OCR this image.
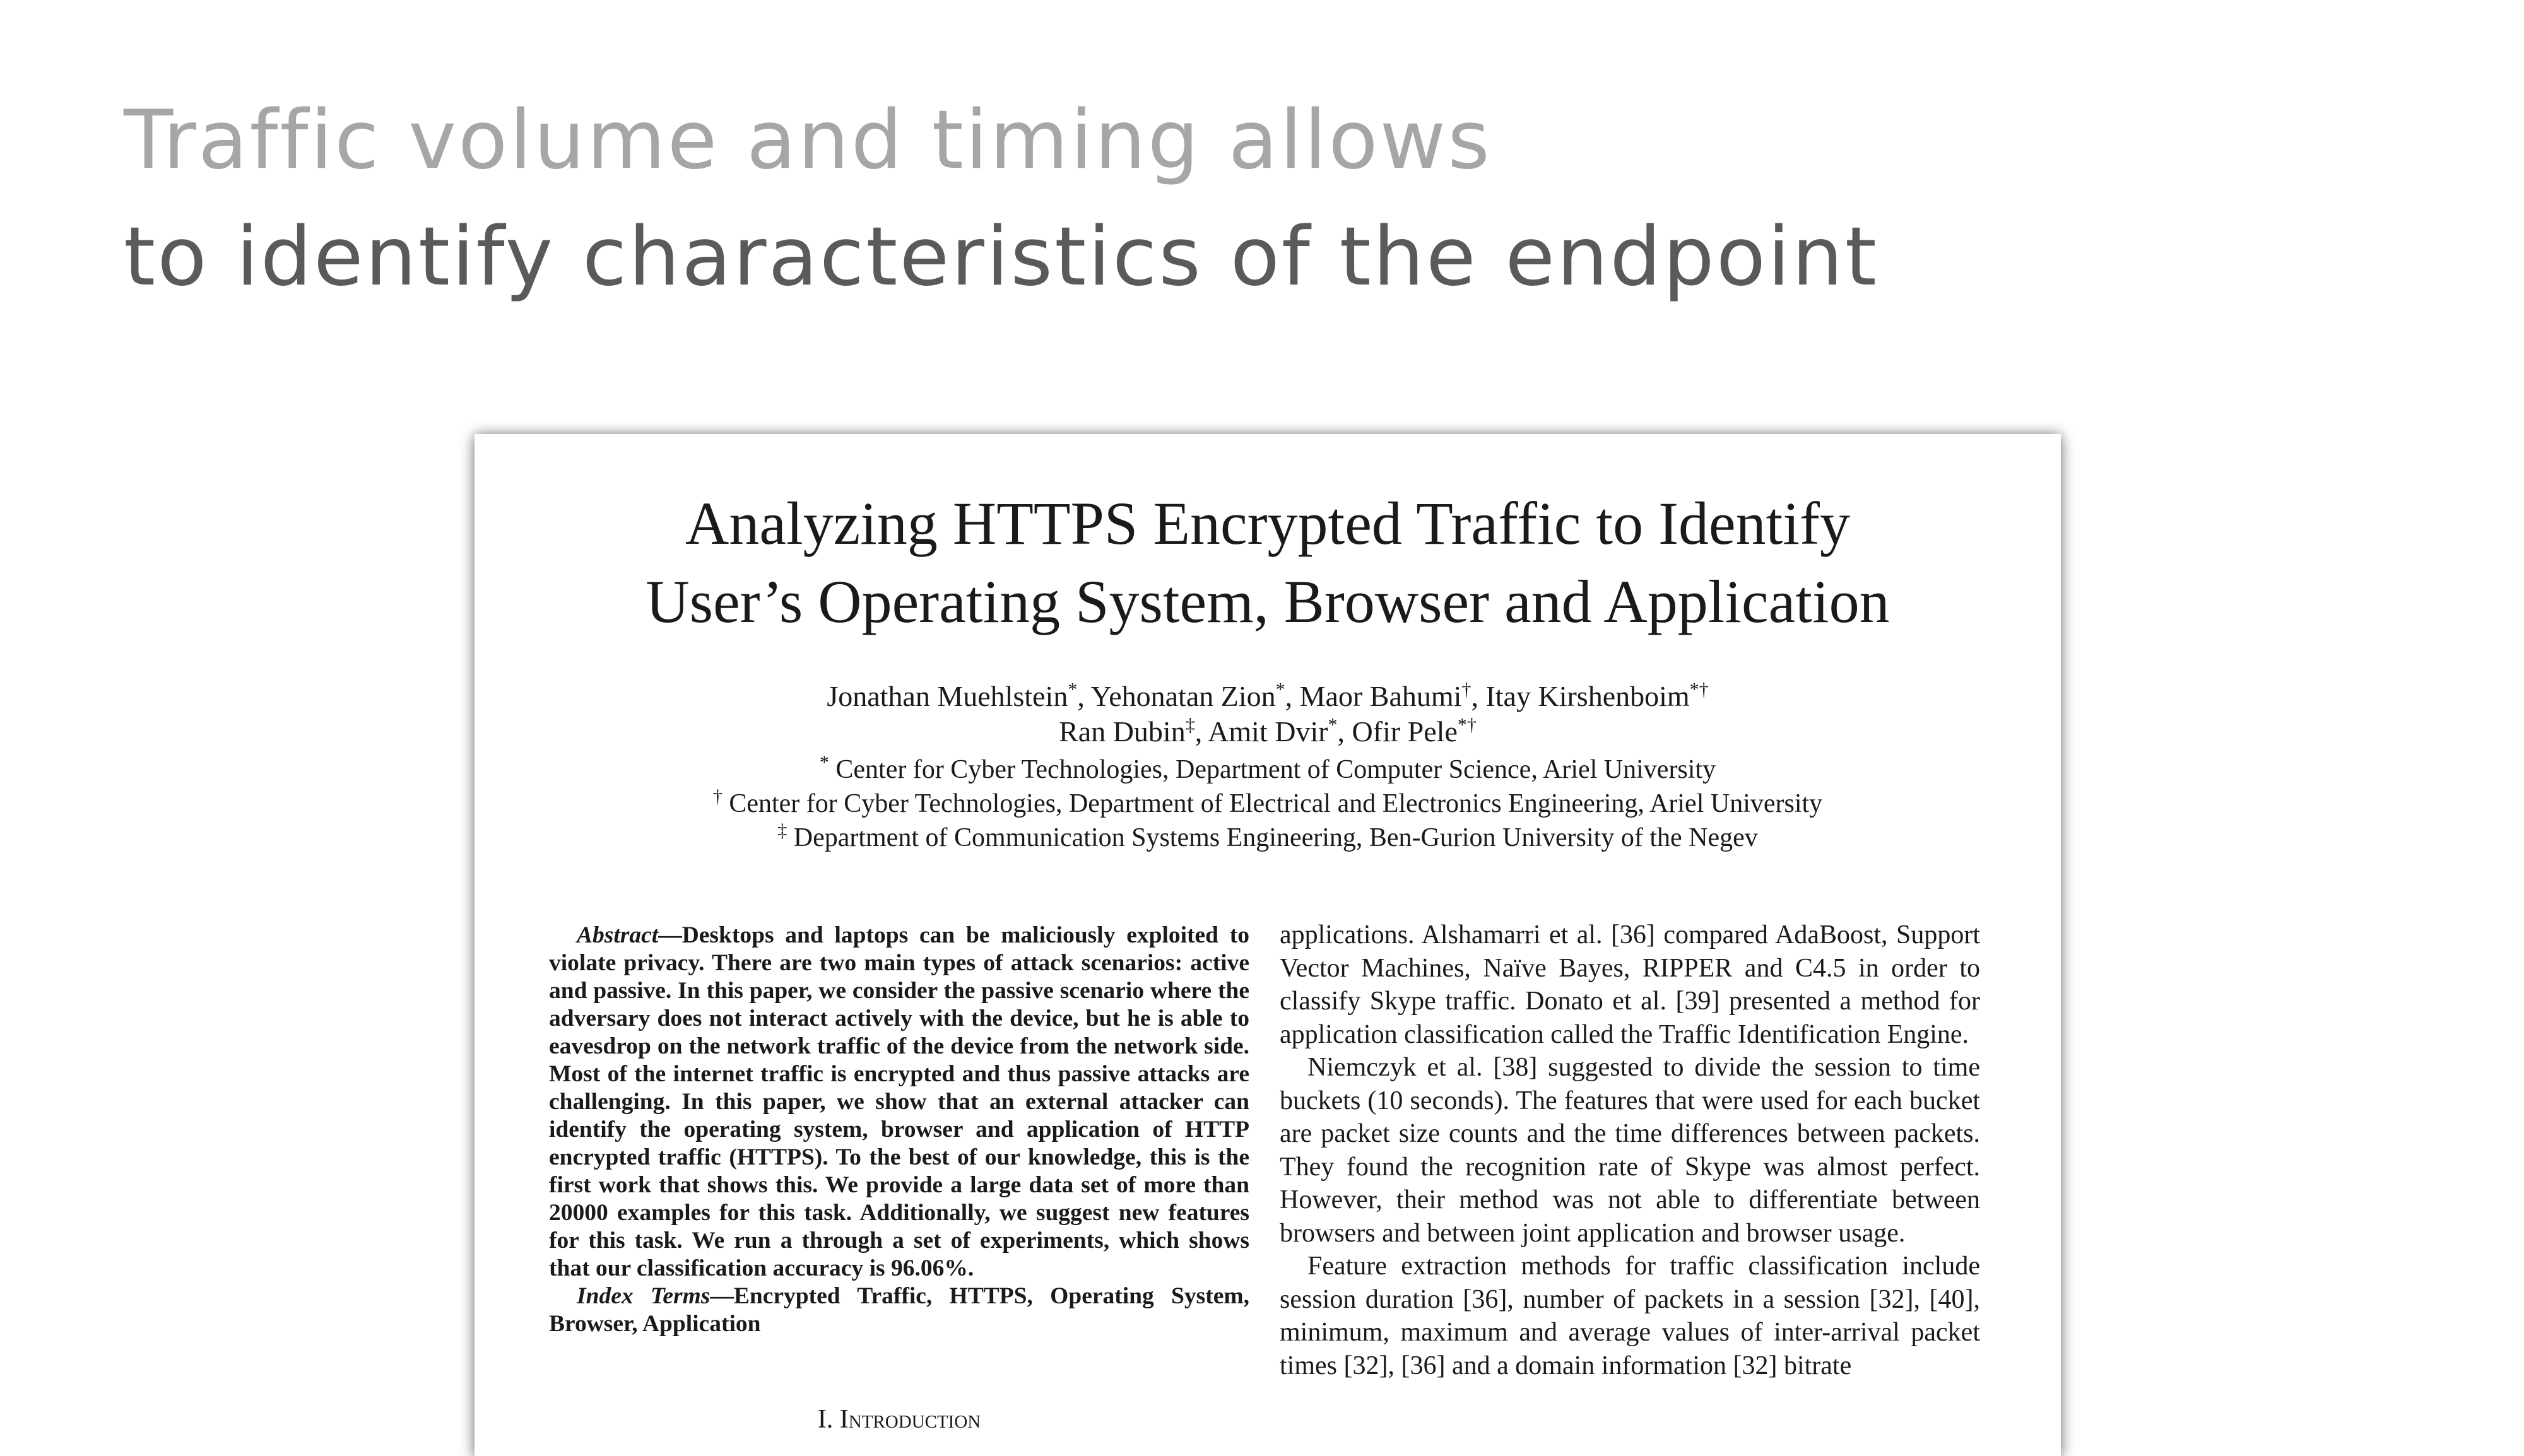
Traffic volume and timing allows
to identify characteristics of the endpoint
Analyzing HTTPS Encrypted Traffic to Identify
User’s Operating System, Browser and Application
Jonathan Muehlstein*, Yehonatan Zion*, Maor Bahumi†, Itay Kirshenboim*†
Ran Dubin‡, Amit Dvir*, Ofir Pele*†
* Center for Cyber Technologies, Department of Computer Science, Ariel University
† Center for Cyber Technologies, Department of Electrical and Electronics Engineering, Ariel University
‡ Department of Communication Systems Engineering, Ben-Gurion University of the Negev

Abstract—Desktops and laptops can be maliciously exploited to violate privacy. There are two main types of attack scenarios: active and passive. In this paper, we consider the passive scenario where the adversary does not interact actively with the device, but he is able to eavesdrop on the network traffic of the device from the network side. Most of the internet traffic is encrypted and thus passive attacks are challenging. In this paper, we show that an external attacker can identify the operating system, browser and application of HTTP encrypted traffic (HTTPS). To the best of our knowledge, this is the first work that shows this. We provide a large data set of more than 20000 examples for this task. Additionally, we suggest new features for this task. We run a through a set of experiments, which shows that our classification accuracy is 96.06%.

Index Terms—Encrypted Traffic, HTTPS, Operating System, Browser, Application

I. Introduction

applications. Alshamarri et al. [36] compared AdaBoost, Support Vector Machines, Naïve Bayes, RIPPER and C4.5 in order to classify Skype traffic. Donato et al. [39] presented a method for application classification called the Traffic Identification Engine.

Niemczyk et al. [38] suggested to divide the session to time buckets (10 seconds). The features that were used for each bucket are packet size counts and the time differences between packets. They found the recognition rate of Skype was almost perfect. However, their method was not able to differentiate between browsers and between joint application and browser usage.

Feature extraction methods for traffic classification include session duration [36], number of packets in a session [32], [40], minimum, maximum and average values of inter-arrival packet times [32], [36] and a domain information [32] bitrate
